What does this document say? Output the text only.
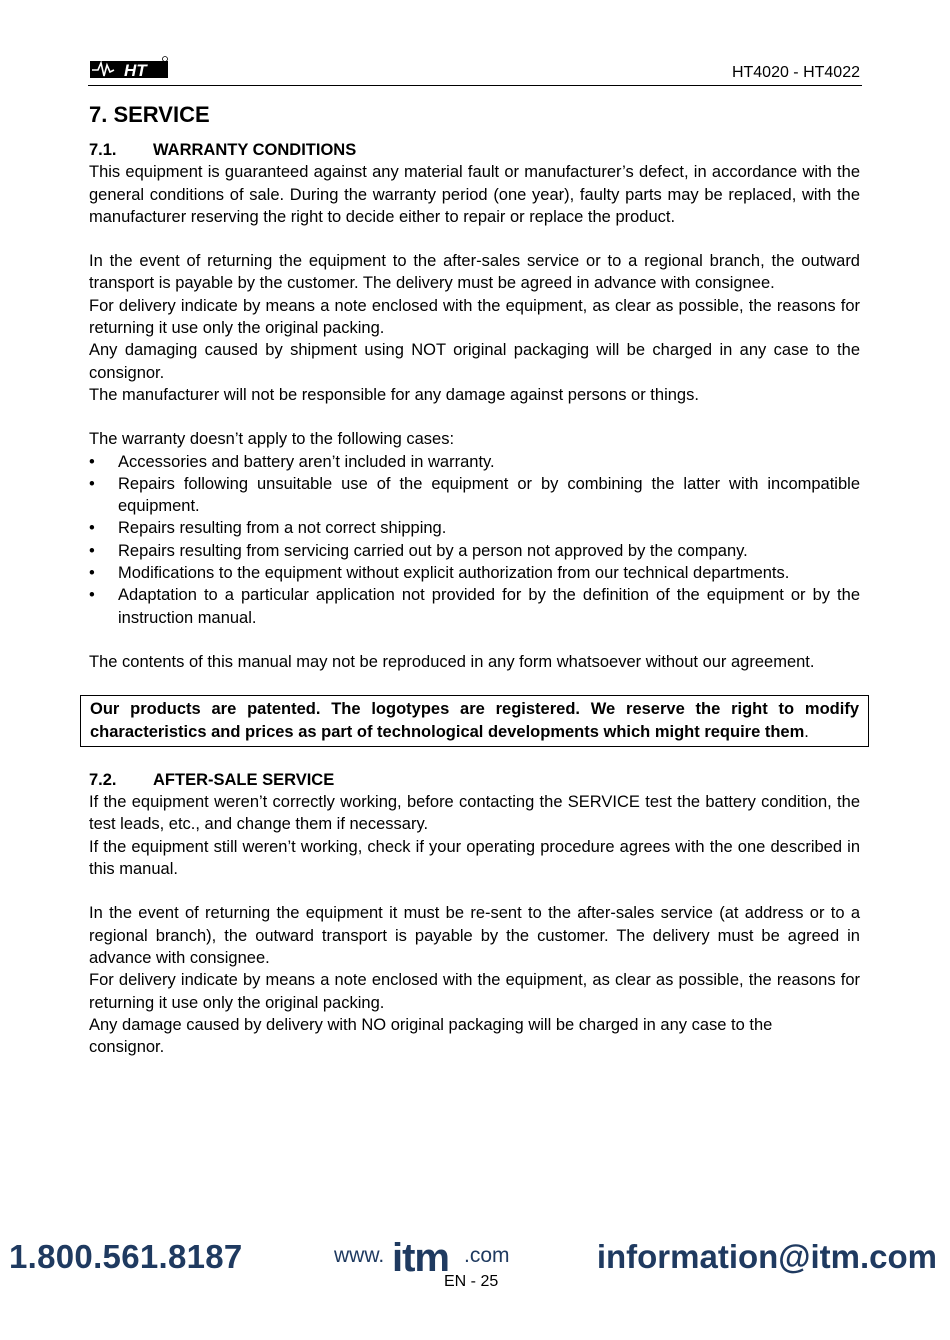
HT	HT4020 - HT4022
7. SERVICE
7.1. WARRANTY CONDITIONS

This equipment is guaranteed against any material fault or manufacturer’s defect, in accordance with the general conditions of sale. During the warranty period (one year), faulty parts may be replaced, with the manufacturer reserving the right to decide either to repair or replace the product.

In the event of returning the equipment to the after-sales service or to a regional branch, the outward transport is payable by the customer. The delivery must be agreed in advance with consignee.

For delivery indicate by means a note enclosed with the equipment, as clear as possible, the reasons for returning it use only the original packing.

Any damaging caused by shipment using NOT original packaging will be charged in any case to the consignor.

The manufacturer will not be responsible for any damage against persons or things.

The warranty doesn’t apply to the following cases:

• Accessories and battery aren’t included in warranty.
• Repairs following unsuitable use of the equipment or by combining the latter with incompatible equipment.
• Repairs resulting from a not correct shipping.
• Repairs resulting from servicing carried out by a person not approved by the company.
• Modifications to the equipment without explicit authorization from our technical departments.
• Adaptation to a particular application not provided for by the definition of the equipment or by the instruction manual.

The contents of this manual may not be reproduced in any form whatsoever without our agreement.

Our products are patented. The logotypes are registered. We reserve the right to modify characteristics and prices as part of technological developments which might require them.
7.2. AFTER-SALE SERVICE

If the equipment weren’t correctly working, before contacting the SERVICE test the battery condition, the test leads, etc., and change them if necessary.

If the equipment still weren’t working, check if your operating procedure agrees with the one described in this manual.

In the event of returning the equipment it must be re-sent to the after-sales service (at address or to a regional branch), the outward transport is payable by the customer. The delivery must be agreed in advance with consignee.

For delivery indicate by means a note enclosed with the equipment, as clear as possible, the reasons for returning it use only the original packing.

Any damage caused by delivery with NO original packaging will be charged in any case to the consignor.

EN - 25
1.800.561.8187	www. itm .com	information@itm.com
